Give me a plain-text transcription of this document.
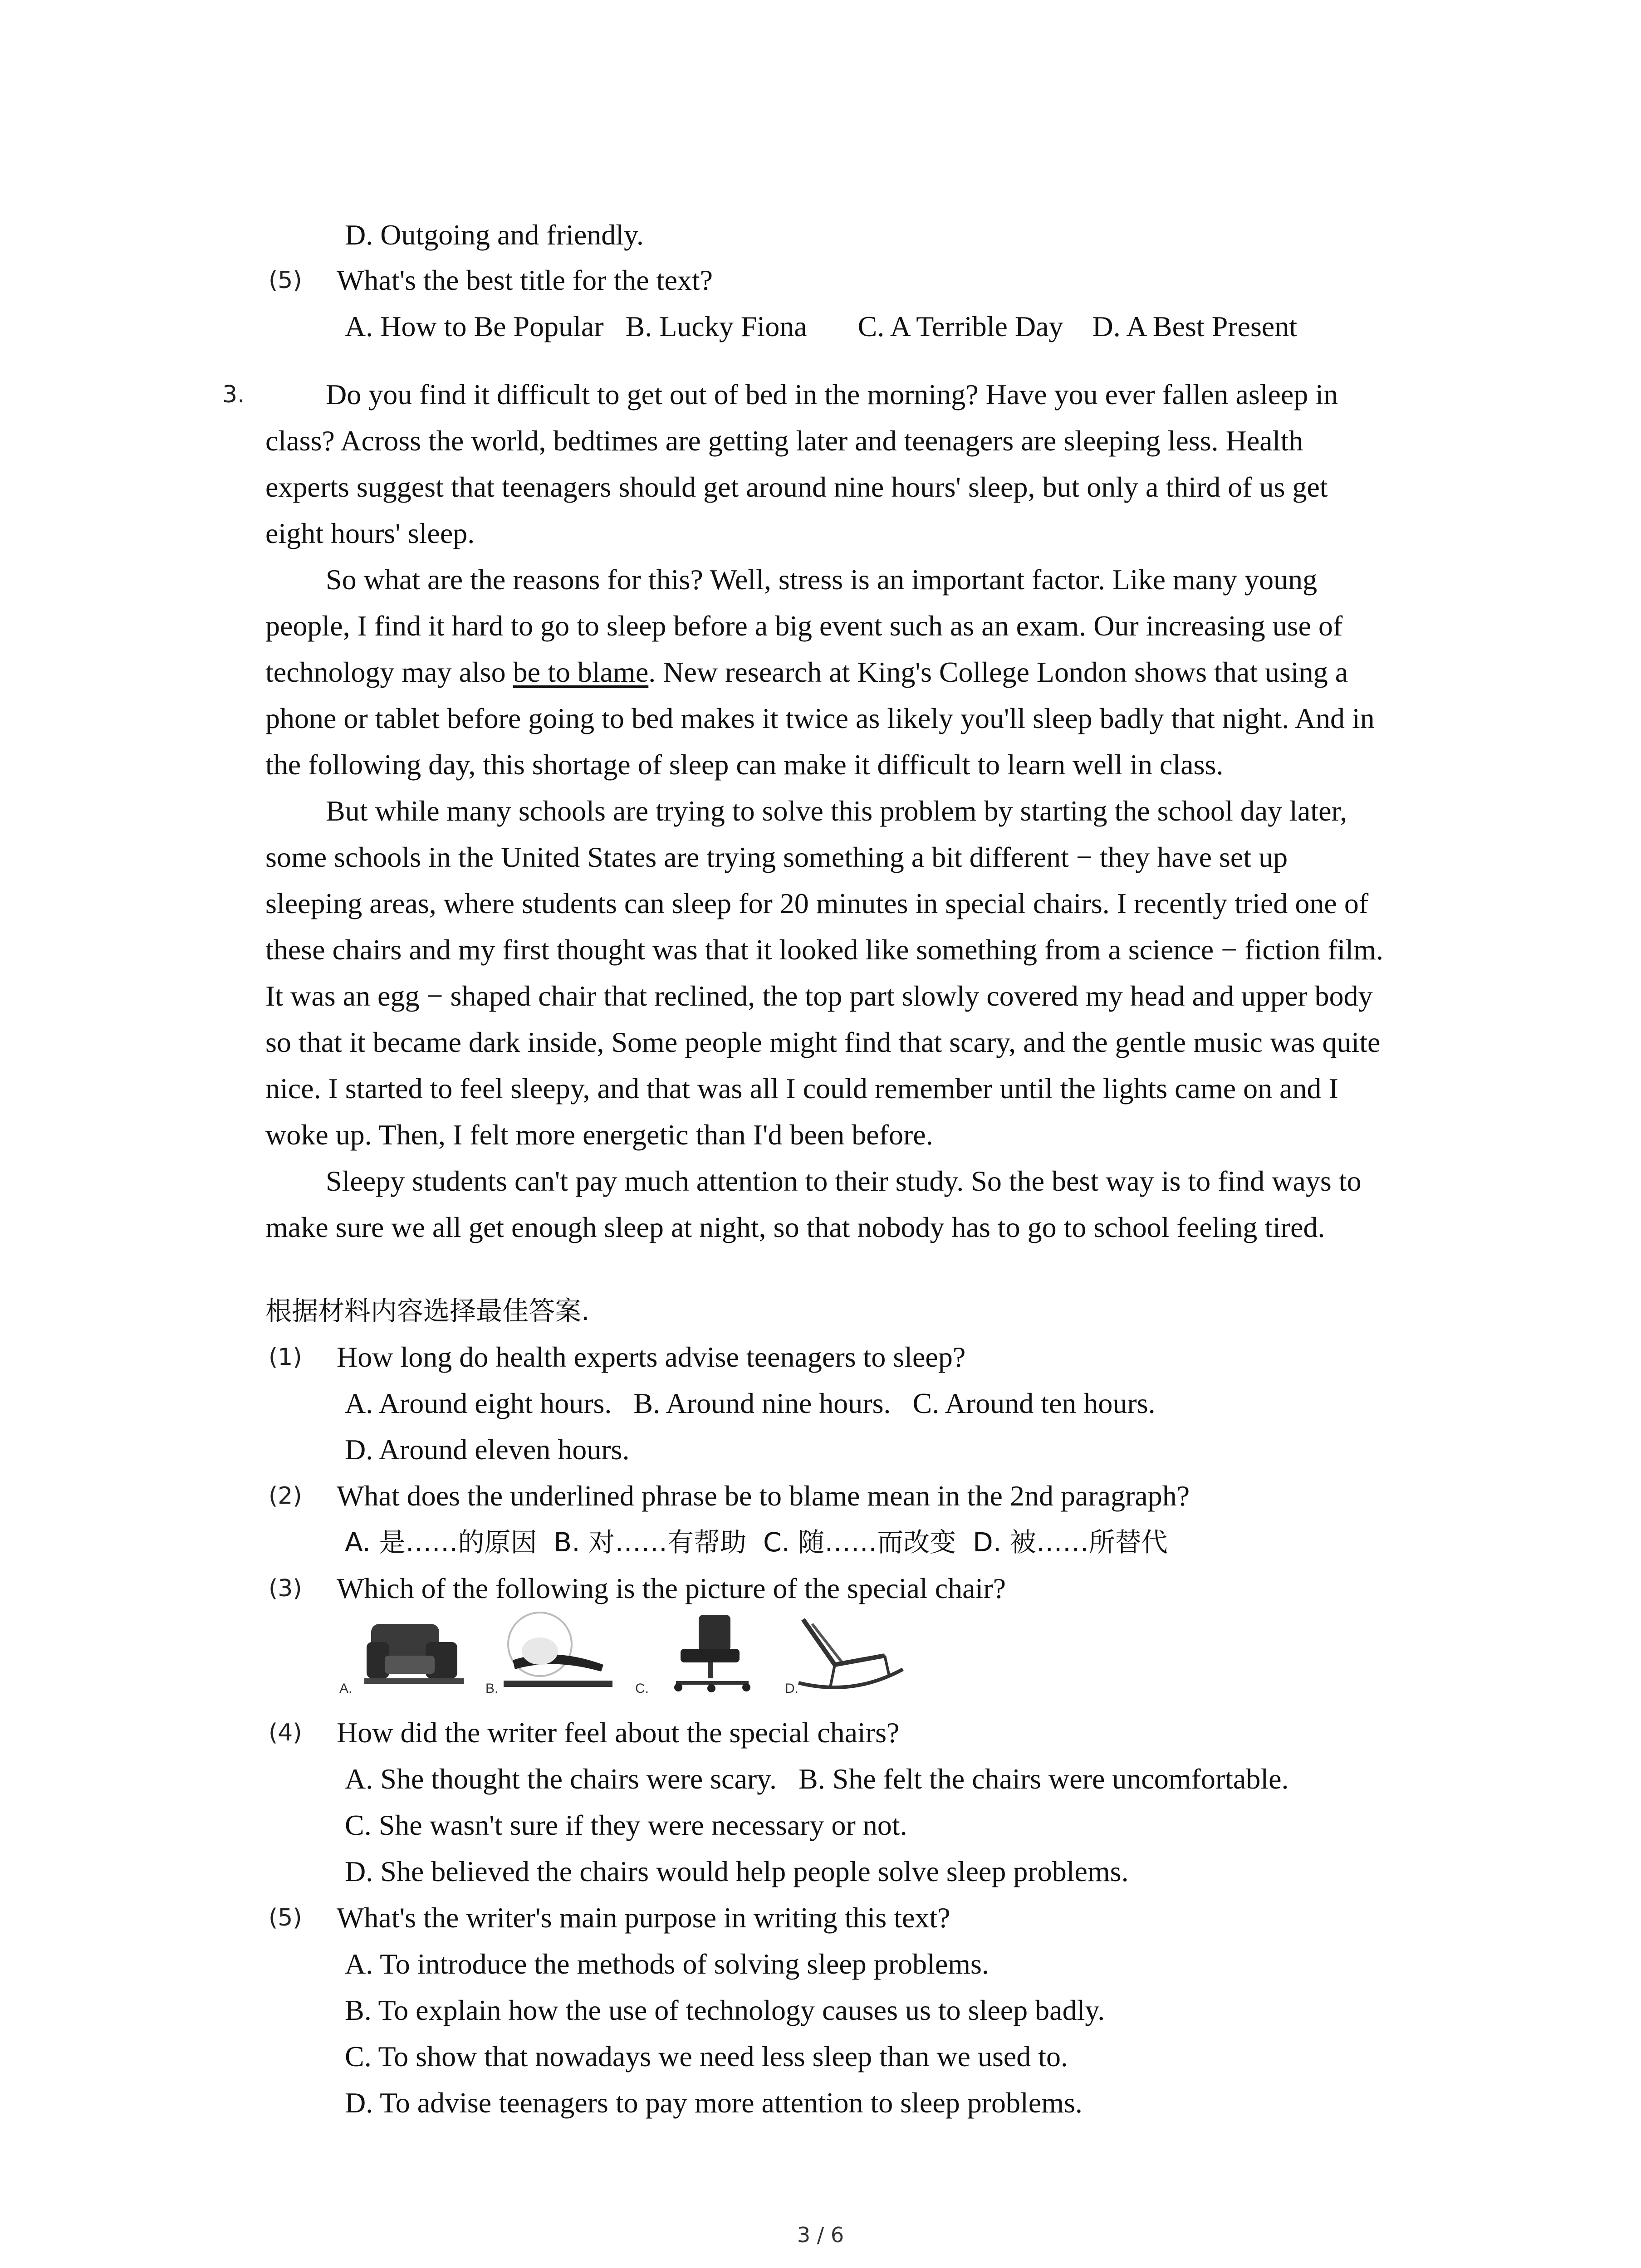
D. Outgoing and friendly.
(5) What's the best title for the text?
A. How to Be Popular   B. Lucky Fiona       C. A Terrible Day    D. A Best Present
3.	Do you find it difficult to get out of bed in the morning? Have you ever fallen asleep in
class? Across the world, bedtimes are getting later and teenagers are sleeping less. Health
experts suggest that teenagers should get around nine hours' sleep, but only a third of us get
eight hours' sleep.
So what are the reasons for this? Well, stress is an important factor. Like many young
people, I find it hard to go to sleep before a big event such as an exam. Our increasing use of
technology may also be to blame. New research at King's College London shows that using a
phone or tablet before going to bed makes it twice as likely you'll sleep badly that night. And in
the following day, this shortage of sleep can make it difficult to learn well in class.
But while many schools are trying to solve this problem by starting the school day later,
some schools in the United States are trying something a bit different − they have set up
sleeping areas, where students can sleep for 20 minutes in special chairs. I recently tried one of
these chairs and my first thought was that it looked like something from a science − fiction film.
It was an egg − shaped chair that reclined, the top part slowly covered my head and upper body
so that it became dark inside, Some people might find that scary, and the gentle music was quite
nice. I started to feel sleepy, and that was all I could remember until the lights came on and I
woke up. Then, I felt more energetic than I'd been before.
Sleepy students can't pay much attention to their study. So the best way is to find ways to
make sure we all get enough sleep at night, so that nobody has to go to school feeling tired.
根据材料内容选择最佳答案.
(1) How long do health experts advise teenagers to sleep?
A. Around eight hours.   B. Around nine hours.   C. Around ten hours.
D. Around eleven hours.
(2) What does the underlined phrase be to blame mean in the 2nd paragraph?
A. 是……的原因  B. 对……有帮助  C. 随……而改变  D. 被……所替代
(3) Which of the following is the picture of the special chair?
A.	B.	C.	D.
(4) How did the writer feel about the special chairs?
A. She thought the chairs were scary.   B. She felt the chairs were uncomfortable.
C. She wasn't sure if they were necessary or not.
D. She believed the chairs would help people solve sleep problems.
(5) What's the writer's main purpose in writing this text?
A. To introduce the methods of solving sleep problems.
B. To explain how the use of technology causes us to sleep badly.
C. To show that nowadays we need less sleep than we used to.
D. To advise teenagers to pay more attention to sleep problems.
3 / 6
